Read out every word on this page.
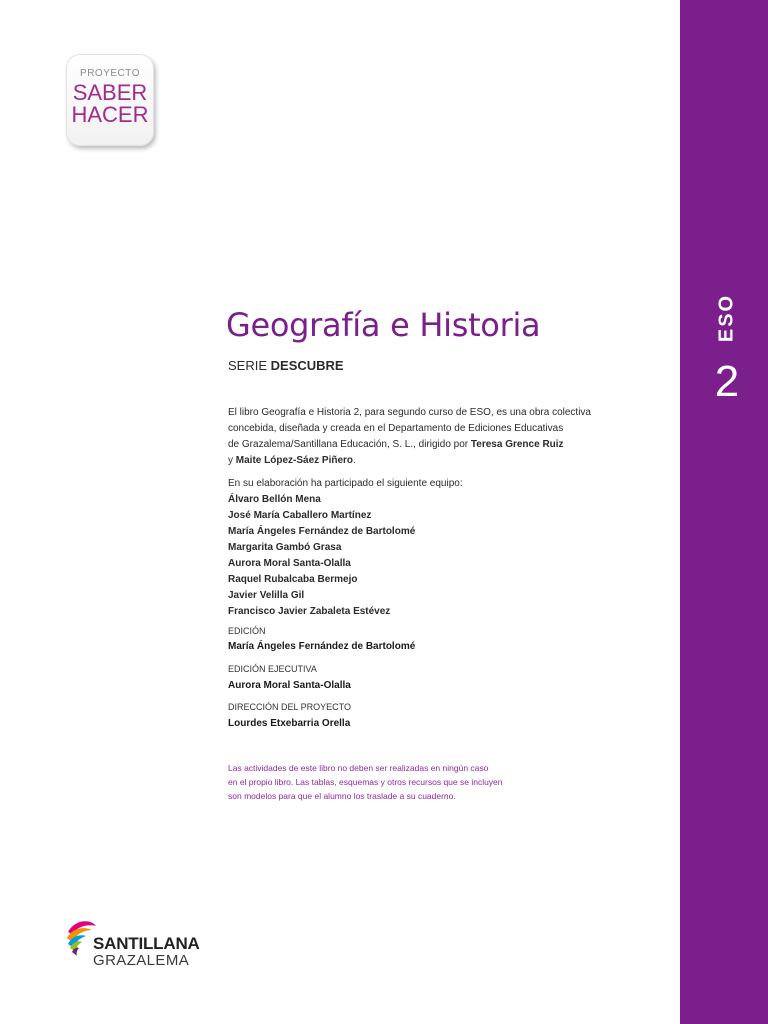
ESO
2
PROYECTO
SABER
HACER
Geografía e Historia
SERIE DESCUBRE
El libro Geografía e Historia 2, para segundo curso de ESO, es una obra colectiva
concebida, diseñada y creada en el Departamento de Ediciones Educativas
de Grazalema/Santillana Educación, S. L., dirigido por Teresa Grence Ruiz
y Maite López-Sáez Piñero.
En su elaboración ha participado el siguiente equipo:
Álvaro Bellón Mena
José María Caballero Martínez
María Ángeles Fernández de Bartolomé
Margarita Gambó Grasa
Aurora Moral Santa-Olalla
Raquel Rubalcaba Bermejo
Javier Velilla Gil
Francisco Javier Zabaleta Estévez
EDICIÓN
María Ángeles Fernández de Bartolomé
EDICIÓN EJECUTIVA
Aurora Moral Santa-Olalla
DIRECCIÓN DEL PROYECTO
Lourdes Etxebarria Orella
Las actividades de este libro no deben ser realizadas en ningún caso
en el propio libro. Las tablas, esquemas y otros recursos que se incluyen
son modelos para que el alumno los traslade a su cuaderno.
SANTILLANA
GRAZALEMA
